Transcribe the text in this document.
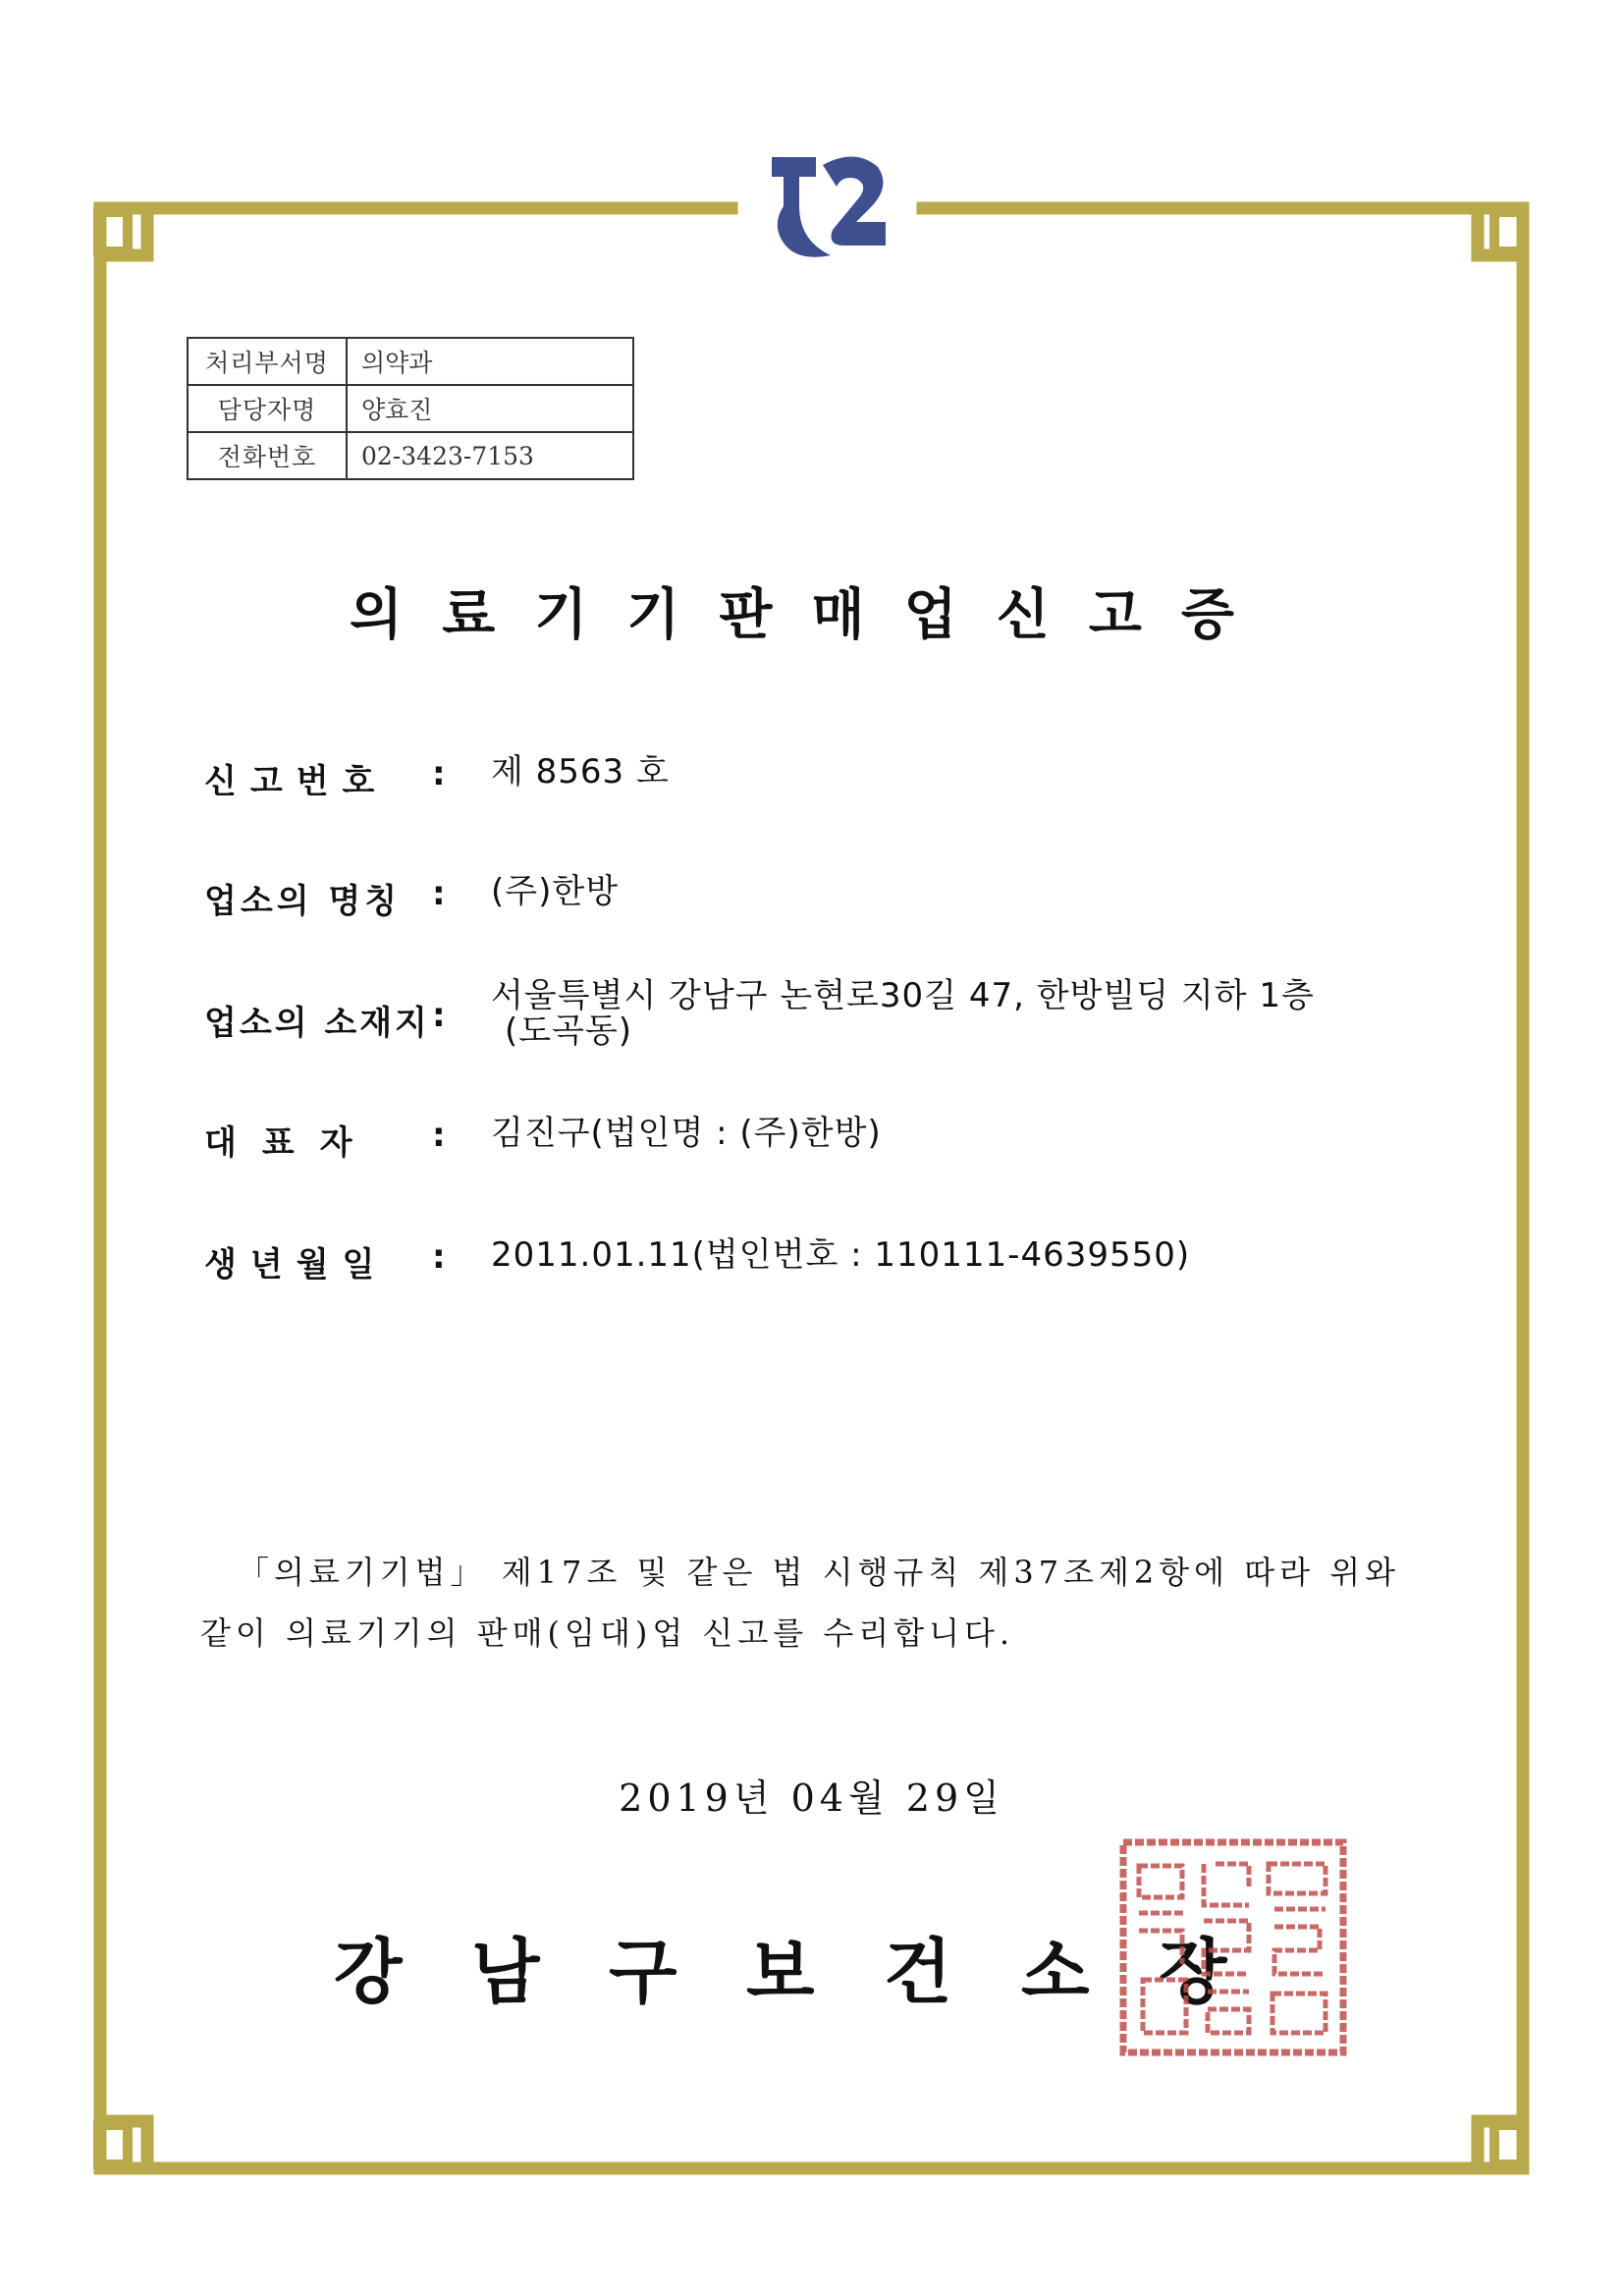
처리부서명	의약과
담당자명	양효진
전화번호	02-3423-7153
의료기기판매업신고증
신고번호	:	제 8563 호
업소의 명칭 :	(주)한방
업소의 소재지 :	서울특별시 강남구 논현로30길 47, 한방빌딩 지하 1층
(도곡동)
대표자	:	김진구(법인명 : (주)한방)
생년월일	:	2011.01.11(법인번호 : 110111-4639550)
「의료기기법」 제17조 및 같은 법 시행규칙 제37조제2항에 따라 위와 같이 의료기기의 판매(임대)업 신고를 수리합니다.
2019년 04월 29일
강 남 구 보 건 소 장
